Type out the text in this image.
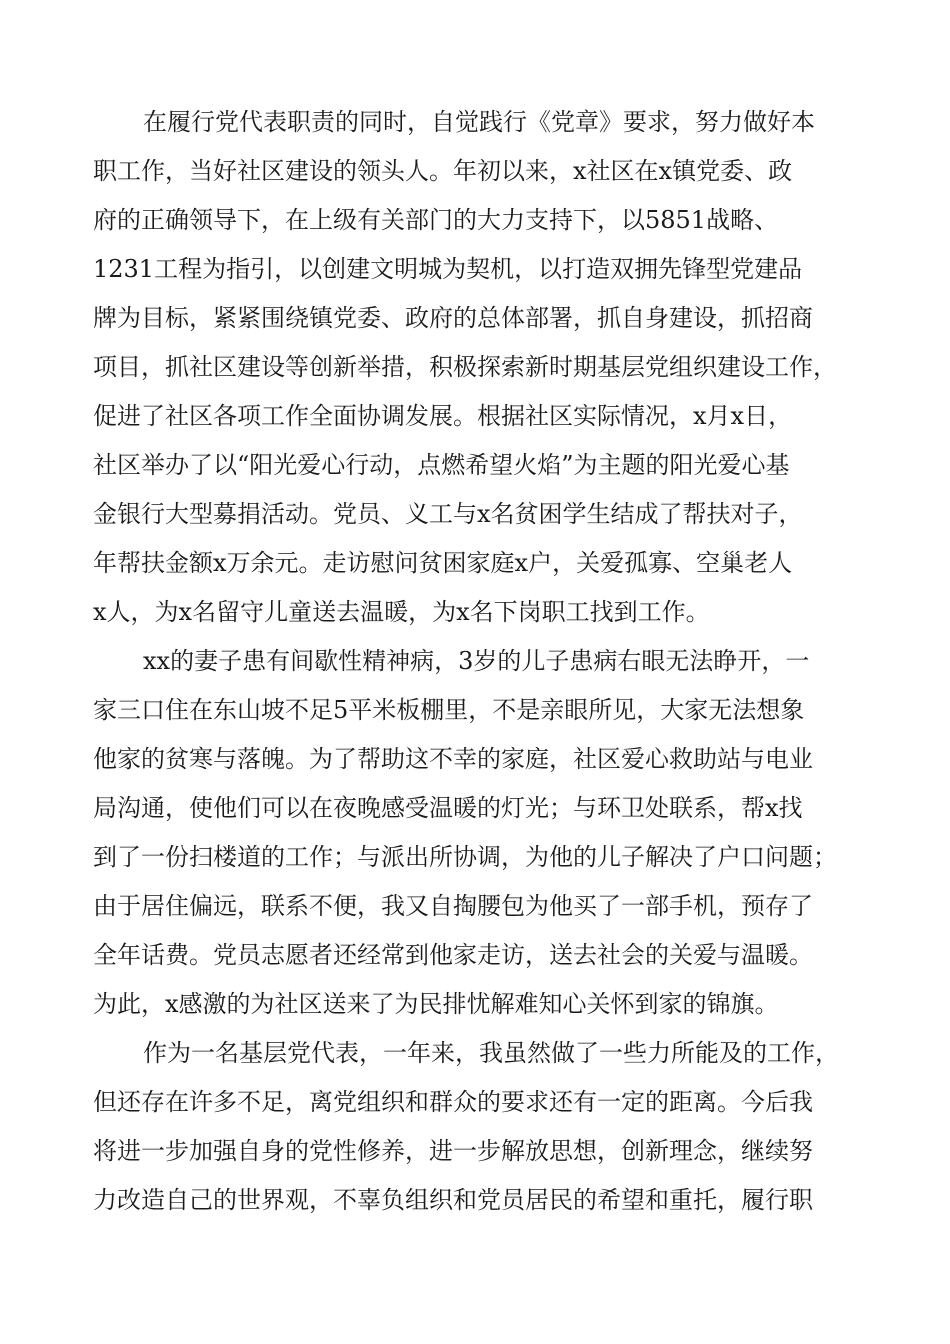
在履行党代表职责的同时，自觉践行《党章》要求，努力做好本

职工作，当好社区建设的领头人。年初以来，x社区在x镇党委、政

府的正确领导下，在上级有关部门的大力支持下，以5851战略、

1231工程为指引，以创建文明城为契机，以打造双拥先锋型党建品

牌为目标，紧紧围绕镇党委、政府的总体部署，抓自身建设，抓招商

项目，抓社区建设等创新举措，积极探索新时期基层党组织建设工作，

促进了社区各项工作全面协调发展。根据社区实际情况，x月x日，

社区举办了以“阳光爱心行动，点燃希望火焰”为主题的阳光爱心基

金银行大型募捐活动。党员、义工与x名贫困学生结成了帮扶对子，

年帮扶金额x万余元。走访慰问贫困家庭x户，关爱孤寡、空巢老人

x人，为x名留守儿童送去温暖，为x名下岗职工找到工作。

xx的妻子患有间歇性精神病，3岁的儿子患病右眼无法睁开，一

家三口住在东山坡不足5平米板棚里，不是亲眼所见，大家无法想象

他家的贫寒与落魄。为了帮助这不幸的家庭，社区爱心救助站与电业

局沟通，使他们可以在夜晚感受温暖的灯光；与环卫处联系，帮x找

到了一份扫楼道的工作；与派出所协调，为他的儿子解决了户口问题；

由于居住偏远，联系不便，我又自掏腰包为他买了一部手机，预存了

全年话费。党员志愿者还经常到他家走访，送去社会的关爱与温暖。

为此，x感激的为社区送来了为民排忧解难知心关怀到家的锦旗。

作为一名基层党代表，一年来，我虽然做了一些力所能及的工作，

但还存在许多不足，离党组织和群众的要求还有一定的距离。今后我

将进一步加强自身的党性修养，进一步解放思想，创新理念，继续努

力改造自己的世界观，不辜负组织和党员居民的希望和重托，履行职
